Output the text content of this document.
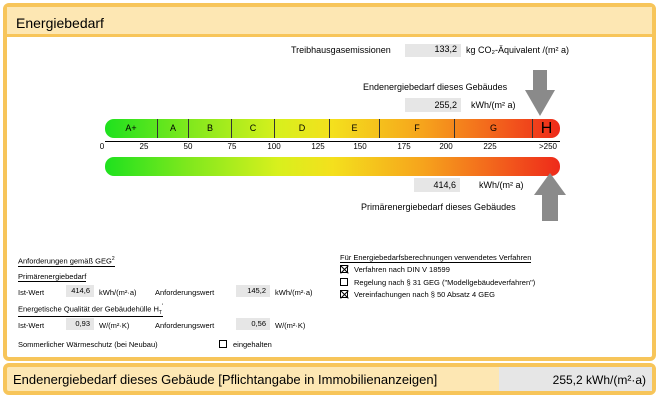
Energiebedarf
Treibhausgasemissionen	133,2	kg CO₂-Äquivalent /(m² a)
Endenergiebedarf dieses Gebäudes
255,2	kWh/(m² a)
A+	A	B	C	D	E	F	G	H
0	25	50	75	100	125	150	175	200	225	>250
414,6	kWh/(m² a)
Primärenergiebedarf dieses Gebäudes
Anforderungen gemäß GEG$^2$
Primärenergiebedarf
Ist-Wert	414,6	kWh/(m²·a) Anforderungswert	145,2	kWh/(m²·a)
Energetische Qualität der Gebäudehülle $H_T'$
Ist-Wert	0,93	W/(m²·K)	Anforderungswert	0,56	W/(m²·K)
Sommerlicher Wärmeschutz (bei Neubau)	eingehalten
Für Energiebedarfsberechnungen verwendetes Verfahren
Verfahren nach DIN V 18599
Regelung nach § 31 GEG ("Modellgebäudeverfahren")
Vereinfachungen nach § 50 Absatz 4 GEG
Endenergiebedarf dieses Gebäude [Pflichtangabe in Immobilienanzeigen]	255,2 kWh/(m²·a)
